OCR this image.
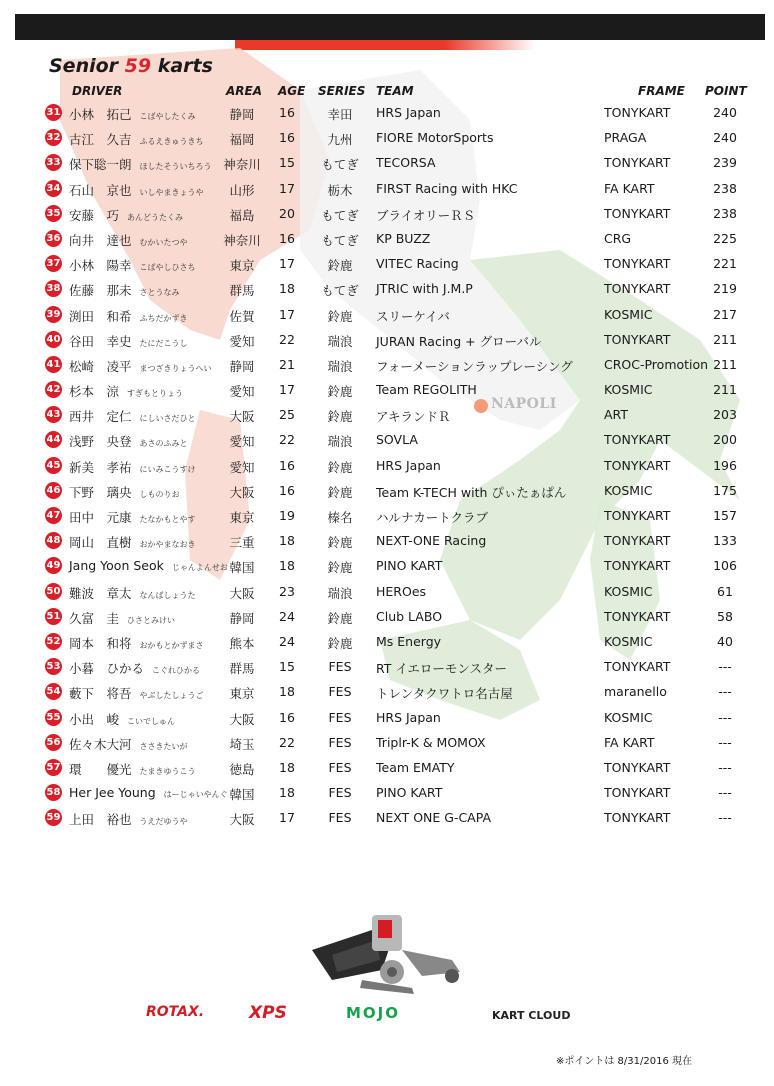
NAPOLI
Senior 59 karts
DRIVER	AREA AGE SERIES TEAM	FRAME POINT
31 小林　拓己 こばやしたくみ	静岡	16	幸田	HRS Japan	TONYKART	240
32 古江　久吉 ふるえきゅうきち	福岡	16	九州	FIORE MotorSports	PRAGA	240
33 保下聡一朗 ほしたそういちろう 神奈川	15	もてぎ	TECORSA	TONYKART	239
34 石山　京也 いしやまきょうや	山形	17	栃木	FIRST Racing with HKC	FA KART	238
35 安藤　巧 あんどうたくみ	福島	20	もてぎ	ブライオリーＲＳ	TONYKART	238
36 向井　達也 むかいたつや	神奈川	16	もてぎ	KP BUZZ	CRG	225
37 小林　陽幸 こばやしひさち	東京	17	鈴鹿	VITEC Racing	TONYKART	221
38 佐藤　那未 さとうなみ	群馬	18	もてぎ	JTRIC with J.M.P	TONYKART	219
39 渕田　和希 ふちだかずき	佐賀	17	鈴鹿	スリーケイバ	KOSMIC	217
40 谷田　幸史 たにだこうし	愛知	22	瑞浪	JURAN Racing + グローバル	TONYKART	211
41 松崎　凌平 まつざきりょうへい	静岡	21	瑞浪	フォーメーションラップレーシング	CROC-Promotion 211
42 杉本　涼 すぎもとりょう	愛知	17	鈴鹿	Team REGOLITH	KOSMIC	211
43 西井　定仁 にしいさだひと	大阪	25	鈴鹿	アキランドＲ	ART	203
44 浅野　央登 あさのふみと	愛知	22	瑞浪	SOVLA	TONYKART	200
45 新美　孝祐 にいみこうすけ	愛知	16	鈴鹿	HRS Japan	TONYKART	196
46 下野　璃央 しものりお	大阪	16	鈴鹿	Team K-TECH with ぴぃたぁぱん	KOSMIC	175
47 田中　元康 たなかもとやす	東京	19	榛名	ハルナカートクラブ	TONYKART	157
48 岡山　直樹 おかやまなおき	三重	18	鈴鹿	NEXT-ONE Racing	TONYKART	133
49 Jang Yoon Seok じゃんよんせお 韓国	18	鈴鹿	PINO KART	TONYKART	106
50 難波　章太 なんばしょうた	大阪	23	瑞浪	HEROes	KOSMIC	61
51 久富　圭 ひさとみけい	静岡	24	鈴鹿	Club LABO	TONYKART	58
52 岡本　和将 おかもとかずまさ	熊本	24	鈴鹿	Ms Energy	KOSMIC	40
53 小暮　ひかる こぐれひかる	群馬	15	FES	RT イエローモンスター	TONYKART	---
54 藪下　将吾 やぶしたしょうご	東京	18	FES	トレンタクワトロ名古屋	maranello	---
55 小出　峻 こいでしゅん	大阪	16	FES	HRS Japan	KOSMIC	---
56 佐々木大河 ささきたいが	埼玉	22	FES	Triplr-K & MOMOX	FA KART	---
57 環　　優光 たまきゆうこう	徳島	18	FES	Team EMATY	TONYKART	---
58 Her Jee Young はーじゃいやんぐ 韓国	18	FES	PINO KART	TONYKART	---
59 上田　裕也 うえだゆうや	大阪	17	FES	NEXT ONE G-CAPA	TONYKART	---
ROTAX.	XPS	MOJO	KART CLOUD
※ポイントは 8/31/2016 現在
